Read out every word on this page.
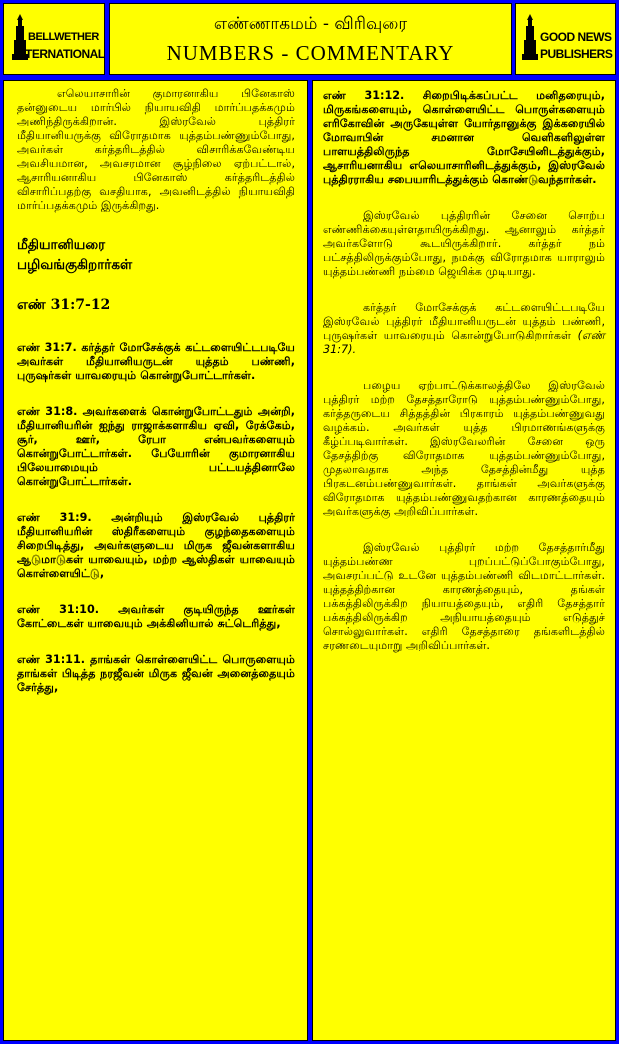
BELLWETHER
INTERNATIONAL
எண்ணாகமம் - விரிவுரை
NUMBERS - COMMENTARY
GOOD NEWS
PUBLISHERS

எலெயாசாரின் குமாரனாகிய பினேகாஸ் தன்னுடைய மார்பில் நியாயவிதி மார்ப்பதக்கமும் அணிந்திருக்கிறான். இஸ்ரவேல் புத்திரர் மீதியானியருக்கு விரோதமாக யுத்தம்பண்ணும்போது, அவர்கள் கர்த்தரிடத்தில் விசாரிக்கவேண்டிய அவசியமான, அவசரமான சூழ்நிலை ஏற்பட்டால், ஆசாரியனாகிய பினேகாஸ் கர்த்தரிடத்தில் விசாரிப்பதற்கு வசதியாக, அவனிடத்தில் நியாயவிதி மார்ப்பதக்கமும் இருக்கிறது.

மீதியானியரை

பழிவங்குகிறார்கள்

எண் 31:7-12

எண் 31:7. கர்த்தர் மோசேக்குக் கட்டளையிட்டபடியே அவர்கள் மீதியானியருடன் யுத்தம் பண்ணி, புருஷர்கள் யாவரையும் கொன்றுபோட்டார்கள்.

எண் 31:8. அவர்களைக் கொன்றுபோட்டதும் அன்றி, மீதியானியரின் ஐந்து ராஜாக்களாகிய ஏவி, ரேக்கேம், சூர், ஊர், ரேபா என்பவர்களையும் கொன்றுபோட்டார்கள். பேயோரின் குமாரனாகிய பிலேயாமையும் பட்டயத்தினாலே கொன்றுபோட்டார்கள்.

எண் 31:9. அன்றியும் இஸ்ரவேல் புத்திரர் மீதியானியரின் ஸ்திரீகளையும் குழந்தைகளையும் சிறைபிடித்து, அவர்களுடைய மிருக ஜீவன்களாகிய ஆடுமாடுகள் யாவையும், மற்ற ஆஸ்திகள் யாவையும் கொள்ளையிட்டு,

எண் 31:10. அவர்கள் குடியிருந்த ஊர்கள் கோட்டைகள் யாவையும் அக்கினியால் சுட்டெரித்து,

எண் 31:11. தாங்கள் கொள்ளையிட்ட பொருளையும் தாங்கள் பிடித்த நரஜீவன் மிருக ஜீவன் அனைத்தையும் சேர்த்து,

எண் 31:12. சிறைபிடிக்கப்பட்ட மனிதரையும், மிருகங்களையும், கொள்ளையிட்ட பொருள்களையும் எரிகோவின் அருகேயுள்ள யோர்தானுக்கு இக்கரையில் மோவாபின் சமனான வெளிகளிலுள்ள பாளயத்திலிருந்த மோசேயினிடத்துக்கும், ஆசாரியனாகிய எலெயாசாரினிடத்துக்கும், இஸ்ரவேல் புத்திரராகிய சபையாரிடத்துக்கும் கொண்டுவந்தார்கள்.

இஸ்ரவேல் புத்திரரின் சேனை சொற்ப எண்ணிக்கையுள்ளதாயிருக்கிறது. ஆனாலும் கர்த்தர் அவர்களோடு கூடயிருக்கிறார். கர்த்தர் நம் பட்சத்திலிருக்கும்போது, நமக்கு விரோதமாக யாராலும் யுத்தம்பண்ணி நம்மை ஜெயிக்க முடியாது.

கர்த்தர் மோசேக்குக் கட்டளையிட்டபடியே இஸ்ரவேல் புத்திரர் மீதியானியருடன் யுத்தம் பண்ணி, புருஷர்கள் யாவரையும் கொன்றுபோடுகிறார்கள் (எண் 31:7).

பழைய ஏற்பாட்டுக்காலத்திலே இஸ்ரவேல் புத்திரர் மற்ற தேசத்தாரோடு யுத்தம்பண்ணும்போது, கர்த்தருடைய சித்தத்தின் பிரகாரம் யுத்தம்பண்ணுவது வழக்கம். அவர்கள் யுத்த பிரமாணங்களுக்கு கீழ்ப்படிவார்கள். இஸ்ரவேலரின் சேனை ஒரு தேசத்திற்கு விரோதமாக யுத்தம்பண்ணும்போது, முதலாவதாக அந்த தேசத்தின்மீது யுத்த பிரகடனம்பண்ணுவார்கள். தாங்கள் அவர்களுக்கு விரோதமாக யுத்தம்பண்ணுவதற்கான காரணத்தையும் அவர்களுக்கு அறிவிப்பார்கள்.

இஸ்ரவேல் புத்திரர் மற்ற தேசத்தார்மீது யுத்தம்பண்ண புறப்பட்டுப்போகும்போது, அவசரப்பட்டு உடனே யுத்தம்பண்ணி விடமாட்டார்கள். யுத்தத்திற்கான காரணத்தையும், தங்கள் பக்கத்திலிருக்கிற நியாயத்தையும், எதிரி தேசத்தார் பக்கத்திலிருக்கிற அநியாயத்தையும் எடுத்துச் சொல்லுவார்கள். எதிரி தேசத்தாரை தங்களிடத்தில் சரணடையுமாறு அறிவிப்பார்கள்.
